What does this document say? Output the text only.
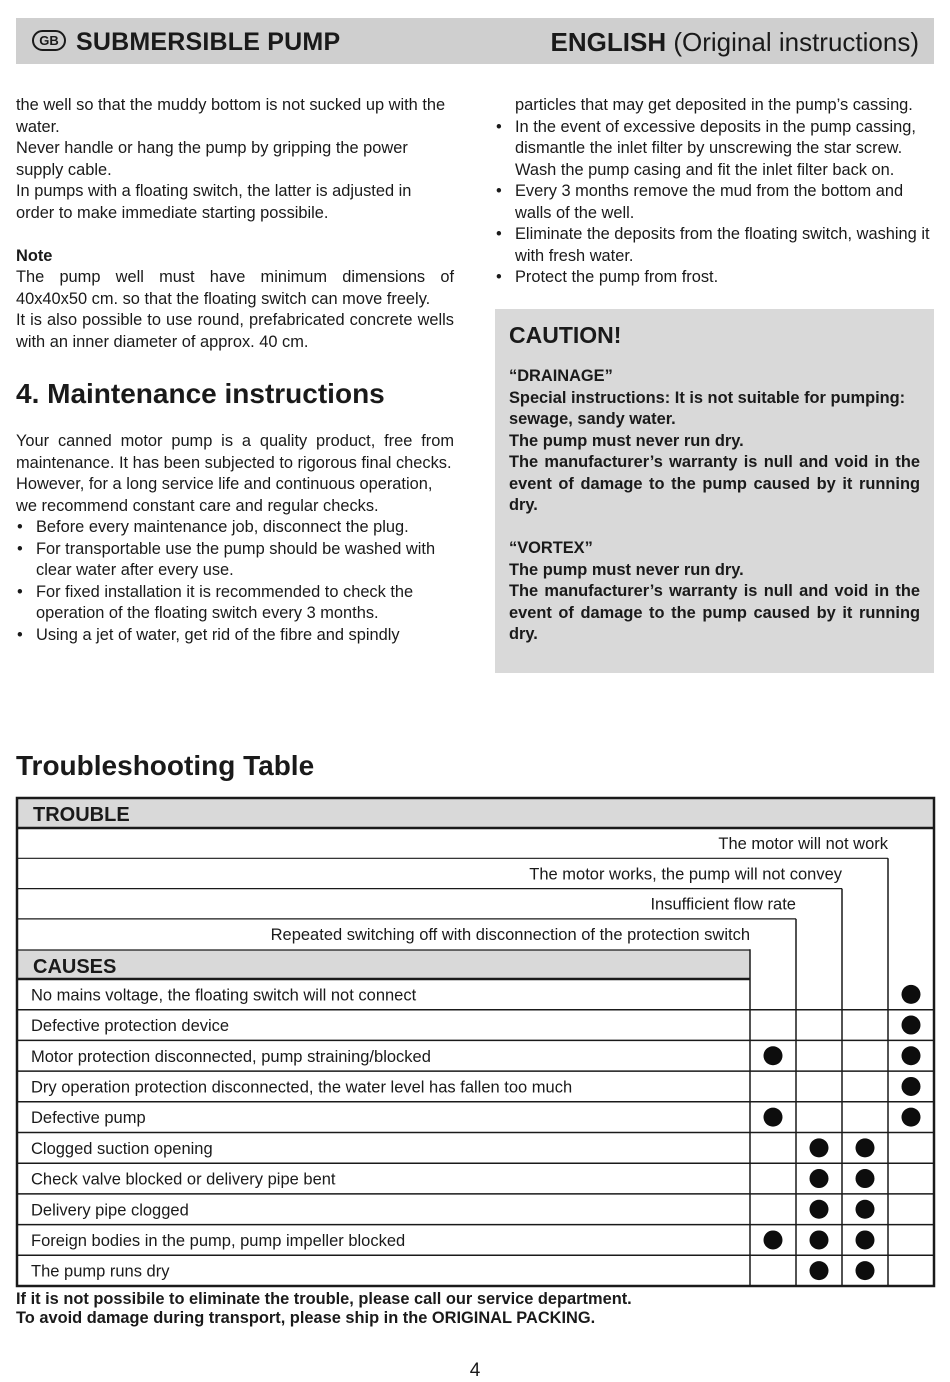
GB SUBMERSIBLE PUMP	ENGLISH (Original instructions)

the well so that the muddy bottom is not sucked up with the water.

Never handle or hang the pump by gripping the power supply cable.

In pumps with a floating switch, the latter is adjusted in order to make immediate starting possibile.

Note

The pump well must have minimum dimensions of 40x40x50 cm. so that the floating switch can move freely.

It is also possible to use round, prefabricated concrete wells with an inner diameter of approx. 40 cm.

4. Maintenance instructions

Your canned motor pump is a quality product, free from maintenance. It has been subjected to rigorous final checks.

However, for a long service life and continuous operation, we recommend constant care and regular checks.

• Before every maintenance job, disconnect the plug.
• For transportable use the pump should be washed with clear water after every use.
• For fixed installation it is recommended to check the operation of the floating switch every 3 months.
• Using a jet of water, get rid of the fibre and spindly

particles that may get deposited in the pump’s cassing.

• In the event of excessive deposits in the pump cassing, dismantle the inlet filter by unscrewing the star screw. Wash the pump casing and fit the inlet filter back on.
• Every 3 months remove the mud from the bottom and walls of the well.
• Eliminate the deposits from the floating switch, washing it with fresh water.
• Protect the pump from frost.
CAUTION!

“DRAINAGE”

Special instructions: It is not suitable for pumping: sewage, sandy water.

The pump must never run dry.

The manufacturer’s warranty is null and void in the event of damage to the pump caused by it running dry.

“VORTEX”

The pump must never run dry.

The manufacturer’s warranty is null and void in the event of damage to the pump caused by it running dry.

Troubleshooting Table
TROUBLE
CAUSES
The motor will not work
The motor works, the pump will not convey
Insufficient flow rate
Repeated switching off with disconnection of the protection switch
No mains voltage, the floating switch will not connect
Defective protection device
Motor protection disconnected, pump straining/blocked
Dry operation protection disconnected, the water level has fallen too much
Defective pump
Clogged suction opening
Check valve blocked or delivery pipe bent
Delivery pipe clogged
Foreign bodies in the pump, pump impeller blocked
The pump runs dry
If it is not possibile to eliminate the trouble, please call our service department.
To avoid damage during transport, please ship in the ORIGINAL PACKING.
4
